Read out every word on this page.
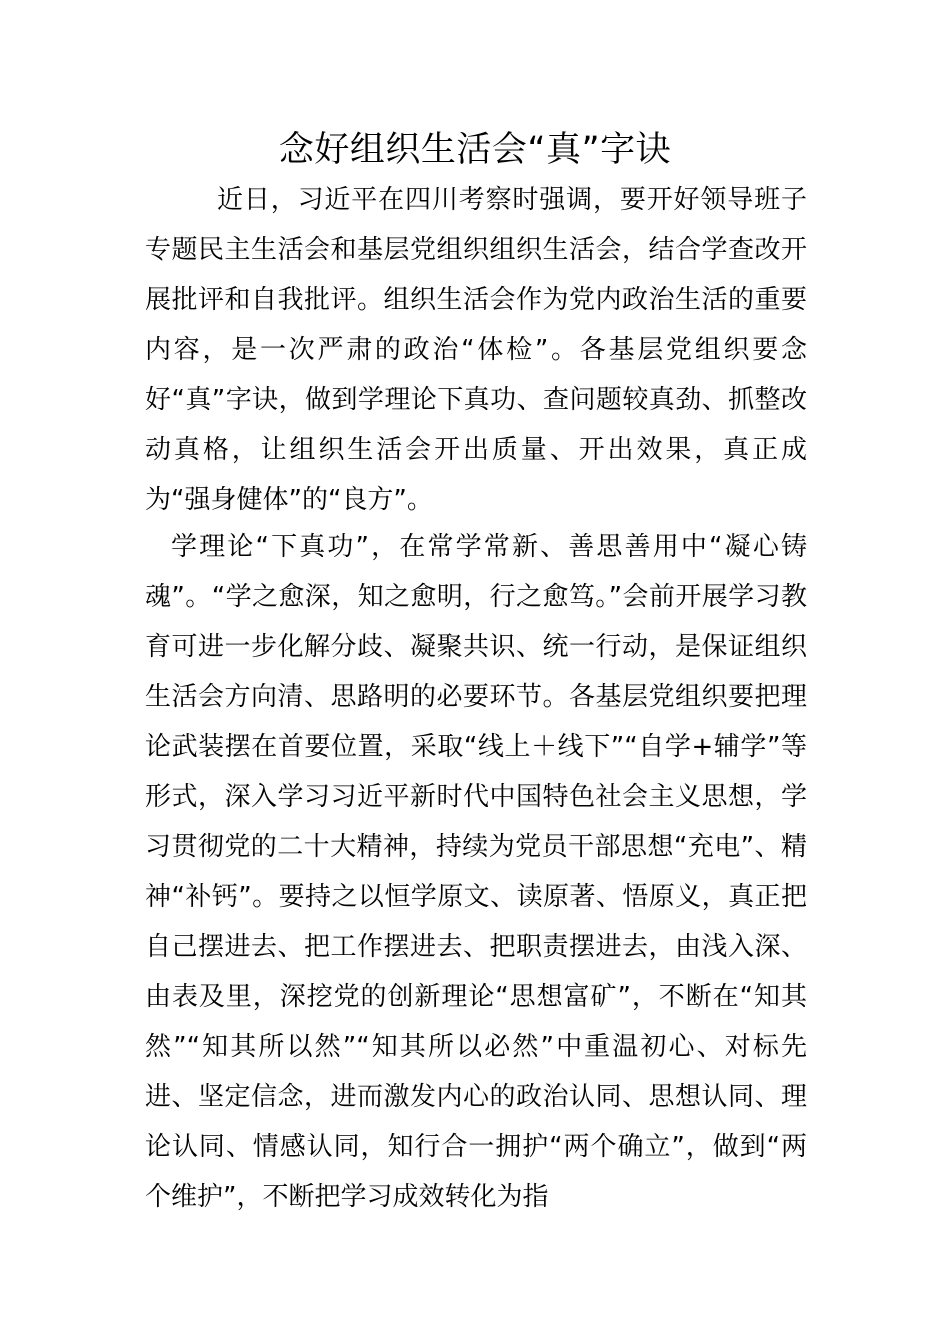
念好组织生活会“真”字诀

近日，习近平在四川考察时强调，要开好领导班子专题民主生活会和基层党组织组织生活会，结合学查改开展批评和自我批评。组织生活会作为党内政治生活的重要内容，是一次严肃的政治“体检”。各基层党组织要念好“真”字诀，做到学理论下真功、查问题较真劲、抓整改动真格，让组织生活会开出质量、开出效果，真正成为“强身健体”的“良方”。

学理论“下真功”，在常学常新、善思善用中“凝心铸魂”。“学之愈深，知之愈明，行之愈笃。”会前开展学习教育可进一步化解分歧、凝聚共识、统一行动，是保证组织生活会方向清、思路明的必要环节。各基层党组织要把理论武装摆在首要位置，采取“线上＋线下”“自学+辅学”等形式，深入学习习近平新时代中国特色社会主义思想，学习贯彻党的二十大精神，持续为党员干部思想“充电”、精神“补钙”。要持之以恒学原文、读原著、悟原义，真正把自己摆进去、把工作摆进去、把职责摆进去，由浅入深、由表及里，深挖党的创新理论“思想富矿”，不断在“知其然”“知其所以然”“知其所以必然”中重温初心、对标先进、坚定信念，进而激发内心的政治认同、思想认同、理论认同、情感认同，知行合一拥护“两个确立”，做到“两个维护”，不断把学习成效转化为指
